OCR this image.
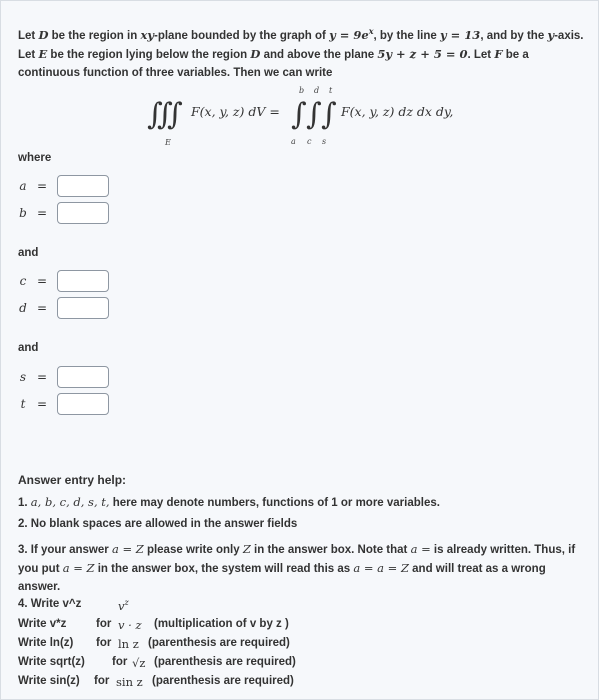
Let D be the region in xy-plane bounded by the graph of $y = 9e^x$, by the line y = 13, and by the y-axis. Let E be the region lying below the region D and above the plane 5y + z + 5 = 0. Let F be a continuous function of three variables. Then we can write
∭
E
F(x, y, z) dV = ∫ ∫ ∫
b d t
a c s
F(x, y, z) dz dx dy,
where
a =
b =
and
c =
d =
and
s =
t =
Answer entry help:
1. a, b, c, d, s, t, here may denote numbers, functions of 1 or more variables.
2. No blank spaces are allowed in the answer fields
3. If your answer a = Z please write only Z in the answer box. Note that a = is already written. Thus, if you put a = Z in the answer box, the system will read this as a = a = Z and will treat as a wrong answer.
4. Write v^z	$v^z$
Write v*z	for v · z (multiplication of v by z )
Write ln(z) for ln z (parenthesis are required)
Write sqrt(z) for √z (parenthesis are required)
Write sin(z) for sin z (parenthesis are required)
